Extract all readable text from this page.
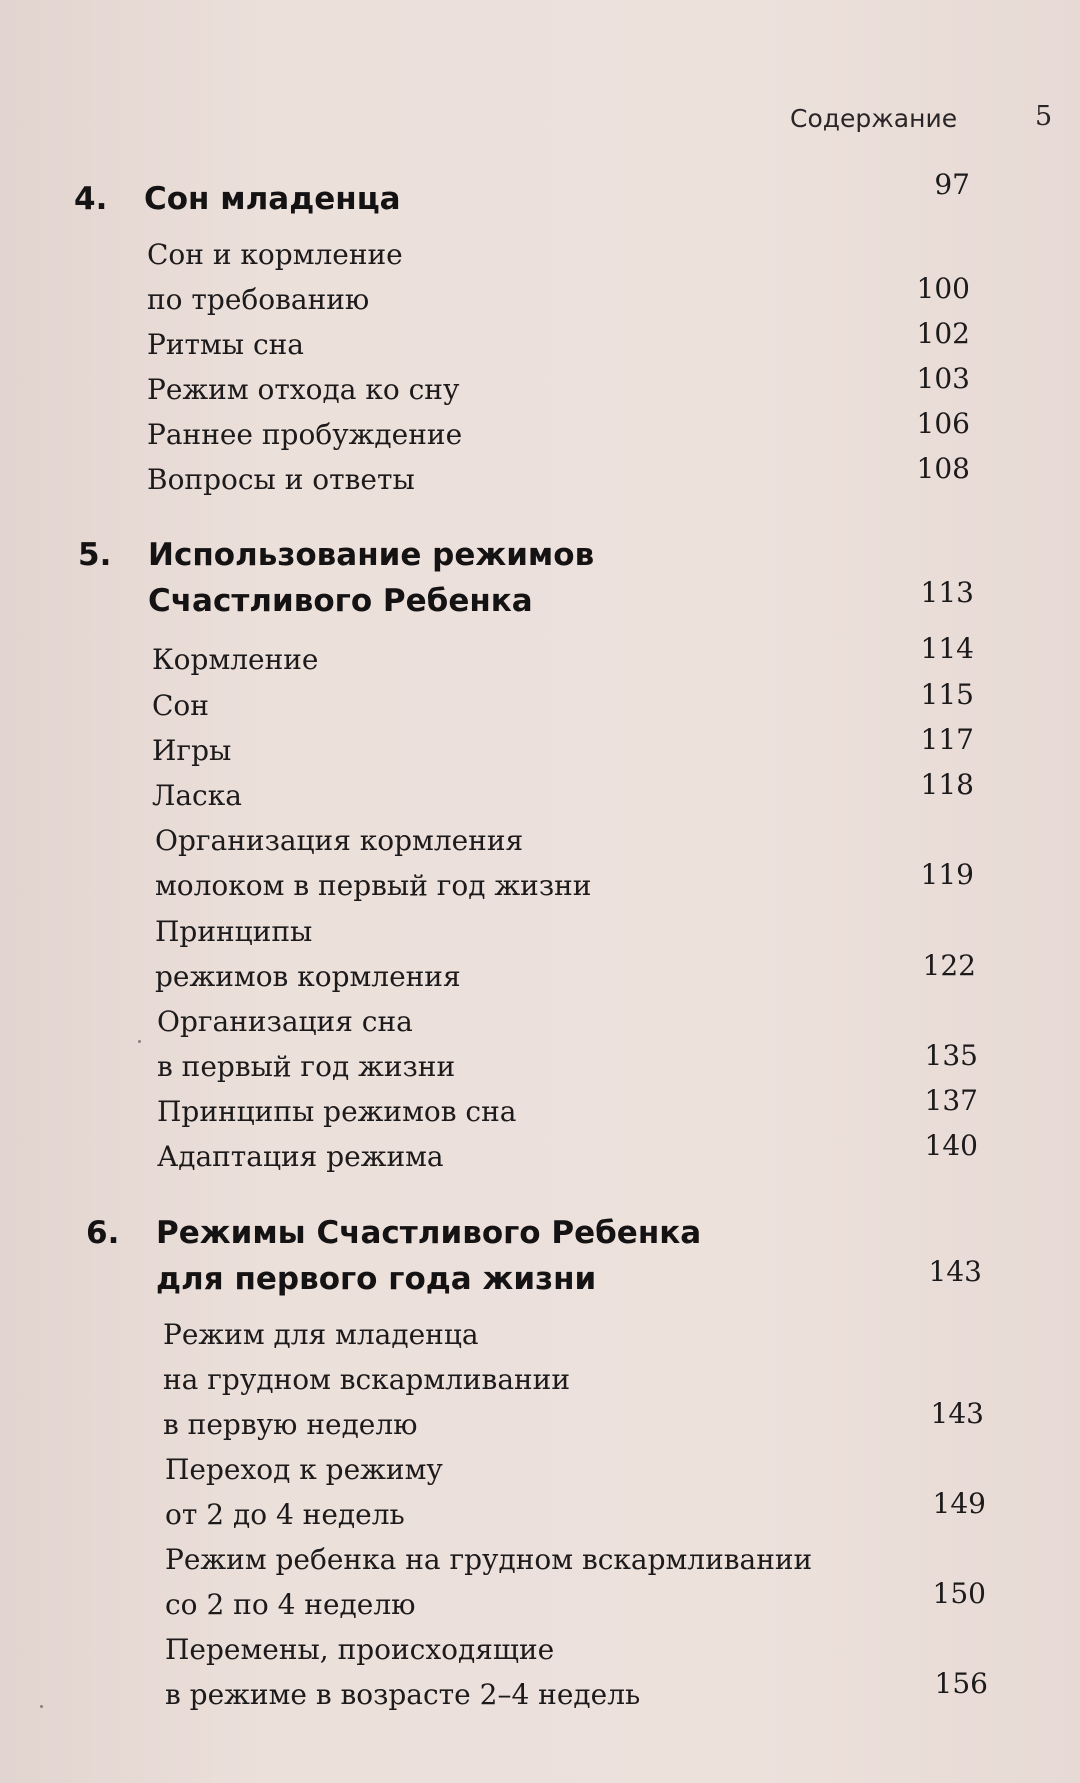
Содержание	5
4. Сон младенца	97
Сон и кормление
по требованию	100
Ритмы сна	102
Режим отхода ко сну	103
Раннее пробуждение	106
Вопросы и ответы	108
5. Использование режимов
Счастливого Ребенка	113
Кормление	114
Сон	115
Игры	117
Ласка	118
Организация кормления
молоком в первый год жизни	119
Принципы
режимов кормления	122
Организация сна
в первый год жизни	135
Принципы режимов сна	137
Адаптация режима	140
6. Режимы Счастливого Ребенка
для первого года жизни	143
Режим для младенца
на грудном вскармливании
в первую неделю	143
Переход к режиму
от 2 до 4 недель	149
Режим ребенка на грудном вскармливании
со 2 по 4 неделю	150
Перемены, происходящие
в режиме в возрасте 2–4 недель	156
